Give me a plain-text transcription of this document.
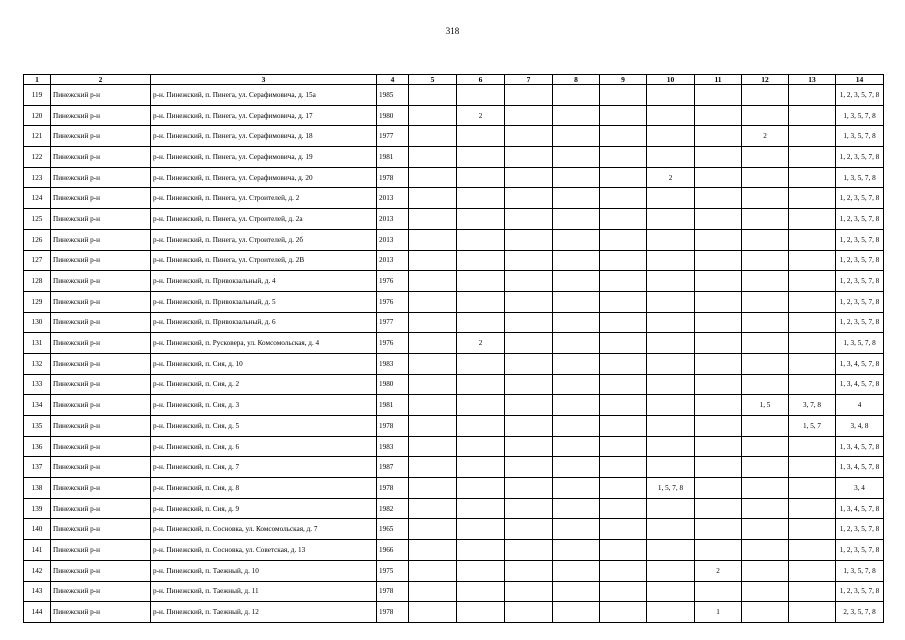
318
1	2	3	4	5	6	7	8	9	10	11	12	13	14
119	Пинежский р-н	р-н. Пинежский, п. Пинега, ул. Серафимовича, д. 15а	1985										1, 2, 3, 5, 7, 8
120	Пинежский р-н	р-н. Пинежский, п. Пинега, ул. Серафимовича, д. 17	1980		2								1, 3, 5, 7, 8
121	Пинежский р-н	р-н. Пинежский, п. Пинега, ул. Серафимовича, д. 18	1977								2		1, 3, 5, 7, 8
122	Пинежский р-н	р-н. Пинежский, п. Пинега, ул. Серафимовича, д. 19	1981										1, 2, 3, 5, 7, 8
123	Пинежский р-н	р-н. Пинежский, п. Пинега, ул. Серафимовича, д. 20	1978						2				1, 3, 5, 7, 8
124	Пинежский р-н	р-н. Пинежский, п. Пинега, ул. Строителей, д. 2	2013										1, 2, 3, 5, 7, 8
125	Пинежский р-н	р-н. Пинежский, п. Пинега, ул. Строителей, д. 2а	2013										1, 2, 3, 5, 7, 8
126	Пинежский р-н	р-н. Пинежский, п. Пинега, ул. Строителей, д. 2б	2013										1, 2, 3, 5, 7, 8
127	Пинежский р-н	р-н. Пинежский, п. Пинега, ул. Строителей, д. 2В	2013										1, 2, 3, 5, 7, 8
128	Пинежский р-н	р-н. Пинежский, п. Привокзальный, д. 4	1976										1, 2, 3, 5, 7, 8
129	Пинежский р-н	р-н. Пинежский, п. Привокзальный, д. 5	1976										1, 2, 3, 5, 7, 8
130	Пинежский р-н	р-н. Пинежский, п. Привокзальный, д. 6	1977										1, 2, 3, 5, 7, 8
131	Пинежский р-н	р-н. Пинежский, п. Русковера, ул. Комсомольская, д. 4	1976		2								1, 3, 5, 7, 8
132	Пинежский р-н	р-н. Пинежский, п. Сия, д. 10	1983										1, 3, 4, 5, 7, 8
133	Пинежский р-н	р-н. Пинежский, п. Сия, д. 2	1980										1, 3, 4, 5, 7, 8
134	Пинежский р-н	р-н. Пинежский, п. Сия, д. 3	1981								1, 5	3, 7, 8	4
135	Пинежский р-н	р-н. Пинежский, п. Сия, д. 5	1978									1, 5, 7	3, 4, 8
136	Пинежский р-н	р-н. Пинежский, п. Сия, д. 6	1983										1, 3, 4, 5, 7, 8
137	Пинежский р-н	р-н. Пинежский, п. Сия, д. 7	1987										1, 3, 4, 5, 7, 8
138	Пинежский р-н	р-н. Пинежский, п. Сия, д. 8	1978						1, 5, 7, 8				3, 4
139	Пинежский р-н	р-н. Пинежский, п. Сия, д. 9	1982										1, 3, 4, 5, 7, 8
140	Пинежский р-н	р-н. Пинежский, п. Сосновка, ул. Комсомольская, д. 7	1965										1, 2, 3, 5, 7, 8
141	Пинежский р-н	р-н. Пинежский, п. Сосновка, ул. Советская, д. 13	1966										1, 2, 3, 5, 7, 8
142	Пинежский р-н	р-н. Пинежский, п. Таежный, д. 10	1975							2			1, 3, 5, 7, 8
143	Пинежский р-н	р-н. Пинежский, п. Таежный, д. 11	1978										1, 2, 3, 5, 7, 8
144	Пинежский р-н	р-н. Пинежский, п. Таежный, д. 12	1978							1			2, 3, 5, 7, 8
